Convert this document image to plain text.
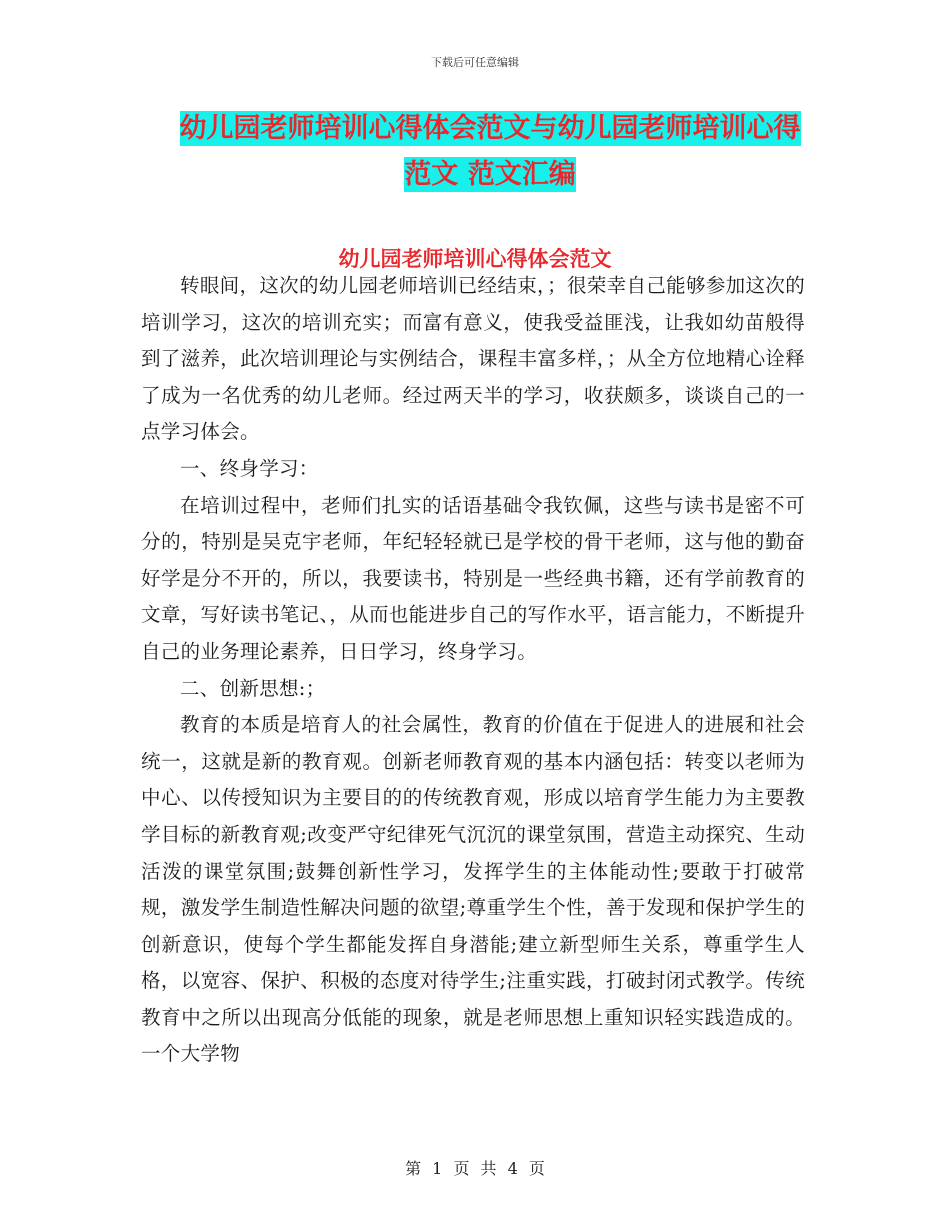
下载后可任意编辑
幼儿园老师培训心得体会范文与幼儿园老师培训心得
范文 范文汇编
幼儿园老师培训心得体会范文

转眼间，这次的幼儿园老师培训已经结束，；很荣幸自己能够参加这次的培训学习，这次的培训充实；而富有意义，使我受益匪浅，让我如幼苗般得到了滋养，此次培训理论与实例结合，课程丰富多样，；从全方位地精心诠释了成为一名优秀的幼儿老师。经过两天半的学习，收获颇多，谈谈自己的一点学习体会。

一、终身学习：

在培训过程中，老师们扎实的话语基础令我钦佩，这些与读书是密不可分的，特别是吴克宇老师，年纪轻轻就已是学校的骨干老师，这与他的勤奋好学是分不开的，所以，我要读书，特别是一些经典书籍，还有学前教育的文章，写好读书笔记、，从而也能进步自己的写作水平，语言能力，不断提升自己的业务理论素养，日日学习，终身学习。

二、创新思想:；

教育的本质是培育人的社会属性，教育的价值在于促进人的进展和社会统一，这就是新的教育观。创新老师教育观的基本内涵包括：转变以老师为中心、以传授知识为主要目的的传统教育观，形成以培育学生能力为主要教学目标的新教育观;改变严守纪律死气沉沉的课堂氛围，营造主动探究、生动活泼的课堂氛围;鼓舞创新性学习，发挥学生的主体能动性;要敢于打破常规，激发学生制造性解决问题的欲望;尊重学生个性，善于发现和保护学生的创新意识，使每个学生都能发挥自身潜能;建立新型师生关系，尊重学生人格，以宽容、保护、积极的态度对待学生;注重实践，打破封闭式教学。传统教育中之所以出现高分低能的现象，就是老师思想上重知识轻实践造成的。一个大学物

第 1 页 共 4 页
